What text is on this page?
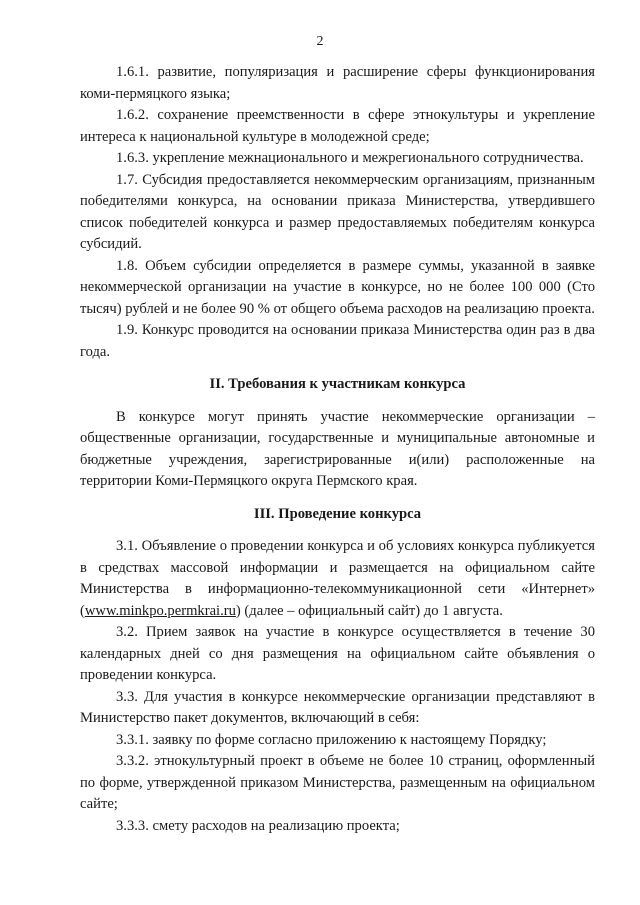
2

1.6.1. развитие, популяризация и расширение сферы функционирования коми-пермяцкого языка;

1.6.2. сохранение преемственности в сфере этнокультуры и укрепление интереса к национальной культуре в молодежной среде;

1.6.3. укрепление межнационального и межрегионального сотрудничества.

1.7. Субсидия предоставляется некоммерческим организациям, признанным победителями конкурса, на основании приказа Министерства, утвердившего список победителей конкурса и размер предоставляемых победителям конкурса субсидий.

1.8. Объем субсидии определяется в размере суммы, указанной в заявке некоммерческой организации на участие в конкурсе, но не более 100 000 (Сто тысяч) рублей и не более 90 % от общего объема расходов на реализацию проекта.

1.9. Конкурс проводится на основании приказа Министерства один раз в два года.

II. Требования к участникам конкурса

В конкурсе могут принять участие некоммерческие организации – общественные организации, государственные и муниципальные автономные и бюджетные учреждения, зарегистрированные и(или) расположенные на территории Коми-Пермяцкого округа Пермского края.

III. Проведение конкурса

3.1. Объявление о проведении конкурса и об условиях конкурса публикуется в средствах массовой информации и размещается на официальном сайте Министерства в информационно-телекоммуникационной сети «Интернет» (www.minkpo.permkrai.ru) (далее – официальный сайт) до 1 августа.

3.2. Прием заявок на участие в конкурсе осуществляется в течение 30 календарных дней со дня размещения на официальном сайте объявления о проведении конкурса.

3.3. Для участия в конкурсе некоммерческие организации представляют в Министерство пакет документов, включающий в себя:

3.3.1. заявку по форме согласно приложению к настоящему Порядку;

3.3.2. этнокультурный проект в объеме не более 10 страниц, оформленный по форме, утвержденной приказом Министерства, размещенным на официальном сайте;

3.3.3. смету расходов на реализацию проекта;
